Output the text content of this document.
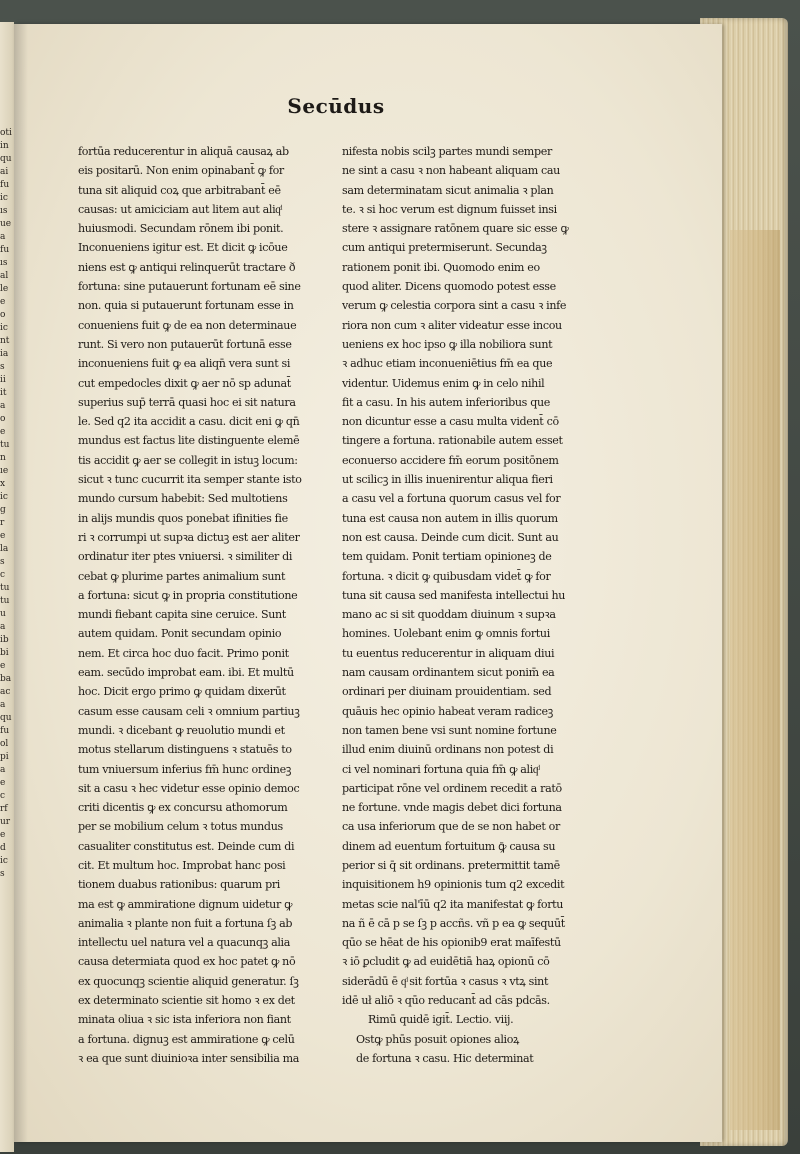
oti
in
qu
ai
fu
ic
ıs
ue
a
fu
ıs
al
le
e
o
ic
nt
ia
s
ii
it
a
o
e
tu
n
ıe
x
ic
g
r
e
la
s
c
tu
tu
u
a
ib
bi
e
ba
ac
a
qu
fu
ol
pi
a
e
c
rf
ur
e
d
ic
s
Secūdus
fortūa reducerentur in aliquā causaꝝ ab
eis positarū. Non enim opinabant̄ ꝙ for
tuna sit aliquid coꝝ que arbitrabant̄ eē
causas: ut amiciciam aut litem aut aliqͩ
huiusmodi. Secundam rōnem ibi ponit.
Inconueniens igitur est. Et dicit ꝙ icōue
niens est ꝙ antiqui relinquerūt tractare ð
fortuna: sine putauerunt fortunam eē sine
non. quia si putauerunt fortunam esse in
conueniens fuit ꝙ de ea non determinaue
runt. Si vero non putauerūt fortunā esse
inconueniens fuit ꝙ ea aliqn̄ vera sunt si
cut empedocles dixit ꝙ aer nō sp adunat̄
superius sup̄ terrā quasi hoc ei sit natura
le. Sed q2 ita accidit a casu. dicit eni ꝙ qn̄
mundus est factus lite distinguente elemē
tis accidit ꝙ aer se collegit in istuꝫ locum:
sicut ꝛ tunc cucurrit ita semper stante isto
mundo cursum habebit: Sed multotiens
in alijs mundis quos ponebat ifinities fie
ri ꝛ corrumpi ut supꝛa dictuꝫ est aer aliter
ordinatur iter ptes vniuersi. ꝛ similiter di
cebat ꝙ plurime partes animalium sunt
a fortuna: sicut ꝙ in propria constitutione
mundi fiebant capita sine ceruice. Sunt
autem quidam. Ponit secundam opinio
nem. Et circa hoc duo facit. Primo ponit
eam. secūdo improbat eam. ibi. Et multū
hoc. Dicit ergo primo ꝙ quidam dixerūt
casum esse causam celi ꝛ omnium partiuꝫ
mundi. ꝛ dicebant ꝙ reuolutio mundi et
motus stellarum distinguens ꝛ statuēs to
tum vniuersum inferius fm̄ hunc ordineꝫ
sit a casu ꝛ hec videtur esse opinio democ
criti dicentis ꝙ ex concursu athomorum
per se mobilium celum ꝛ totus mundus
casualiter constitutus est. Deinde cum di
cit. Et multum hoc. Improbat hanc posi
tionem duabus rationibus: quarum pri
ma est ꝙ ammiratione dignum uidetur ꝙ
animalia ꝛ plante non fuit a fortuna ſꝫ ab
intellectu uel natura vel a quacunqꝫ alia
causa determiata quod ex hoc patet ꝙ nō
ex quocunqꝫ scientie aliquid generatur. ſꝫ
ex determinato scientie sit homo ꝛ ex det
minata oliua ꝛ sic ista inferiora non fiant
a fortuna. dignuꝫ est ammiratione ꝙ celū
ꝛ ea que sunt diuinioꝛa inter sensibilia ma
nifesta nobis scilꝫ partes mundi semper
ne sint a casu ꝛ non habeant aliquam cau
sam determinatam sicut animalia ꝛ plan
te. ꝛ si hoc verum est dignum fuisset insi
stere ꝛ assignare ratōnem quare sic esse ꝙ
cum antiqui pretermiserunt. Secundaꝫ
rationem ponit ibi. Quomodo enim eo
quod aliter. Dicens quomodo potest esse
verum ꝙ celestia corpora sint a casu ꝛ infe
riora non cum ꝛ aliter videatur esse incou
ueniens ex hoc ipso ꝙ illa nobiliora sunt
ꝛ adhuc etiam inconueniētius fm̄ ea que
videntur. Uidemus enim ꝙ in celo nihil
fit a casu. In his autem inferioribus que
non dicuntur esse a casu multa vident̄ cō
tingere a fortuna. rationabile autem esset
econuerso accidere fm̄ eorum positōnem
ut scilicꝫ in illis inuenirentur aliqua fieri
a casu vel a fortuna quorum casus vel for
tuna est causa non autem in illis quorum
non est causa. Deinde cum dicit. Sunt au
tem quidam. Ponit tertiam opinioneꝫ de
fortuna. ꝛ dicit ꝙ quibusdam videt̄ ꝙ for
tuna sit causa sed manifesta intellectui hu
mano ac si sit quoddam diuinum ꝛ supꝛa
homines. Uolebant enim ꝙ omnis fortui
tu euentus reducerentur in aliquam diui
nam causam ordinantem sicut ponim̄ ea
ordinari per diuinam prouidentiam. sed
quāuis hec opinio habeat veram radiceꝫ
non tamen bene vsi sunt nomine fortune
illud enim diuinū ordinans non potest di
ci vel nominari fortuna quia fm̄ ꝙ aliqͩ
participat rōne vel ordinem recedit a ratō
ne fortune. vnde magis debet dici fortuna
ca usa inferiorum que de se non habet or
dinem ad euentum fortuitum ꝙ̄ causa su
perior si q̄ sit ordinans. pretermittit tamē
inquisitionem h9 opinionis tum q2 excedit
metas scie nal'īū q2 ita manifestat ꝙ fortu
na ñ ē cā p se ſꝫ p accñs. vñ p ea ꝙ sequūt̄
qūo se hēat de his opionib9 erat maīfestū
ꝛ iō ꝑcludit ꝙ ad euidētiā haꝝ opionū cō
siderādū ē qͩ sit fortūa ꝛ casus ꝛ vtꝝ sint
idē uł aliō ꝛ qūo reducant̄ ad cās pdcās.
Rimū quidē igit̄. Lectio. viij.
Ostꝙ phūs posuit opiones alioꝝ
de fortuna ꝛ casu. Hic determinat
